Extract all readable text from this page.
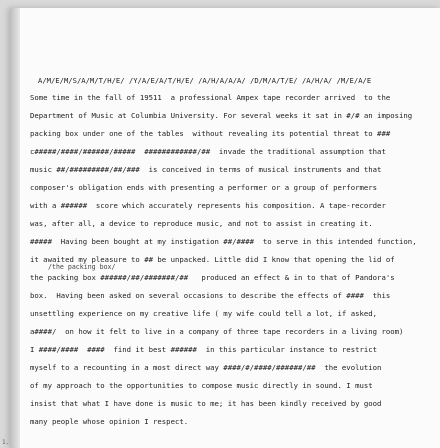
A/M/E/M/S/A/M/T/H/E/ /Y/A/E/A/T/H/E/ /A/H/A/A/A/ /D/M/A/T/E/ /A/H/A/ /M/E/A/E
Some time in the fall of 19511  a professional Ampex tape recorder arrived  to the
Department of Music at Columbia University. For several weeks it sat in #/# an imposing
packing box under one of the tables  without revealing its potential threat to ###
c#####/####/######/#####  ############/##  invade the traditional assumption that
music ##/#########/##/###  is conceived in terms of musical instruments and that
composer's obligation ends with presenting a performer or a group of performers
with a ######  score which accurately represents his composition. A tape-recorder
was, after all, a device to reproduce music, and not to assist in creating it.
#####  Having been bought at my instigation ##/####  to serve in this intended function,
it awaited my pleasure to ## be unpacked. Little did I know that opening the lid of
/the packing box/
the packing box ######/##/#######/##   produced an effect & in to that of Pandora's
box.  Having been asked on several occasions to describe the effects of ####  this
unsettling experience on my creative life ( my wife could tell a lot, if asked,
a####/  on how it felt to live in a company of three tape recorders in a living room)
I ####/####  ####  find it best ######  in this particular instance to restrict
myself to a recounting in a most direct way ####/#/####/######/##  the evolution
of my approach to the opportunities to compose music directly in sound. I must
insist that what I have done is music to me; it has been kindly received by good
many people whose opinion I respect.
1.
